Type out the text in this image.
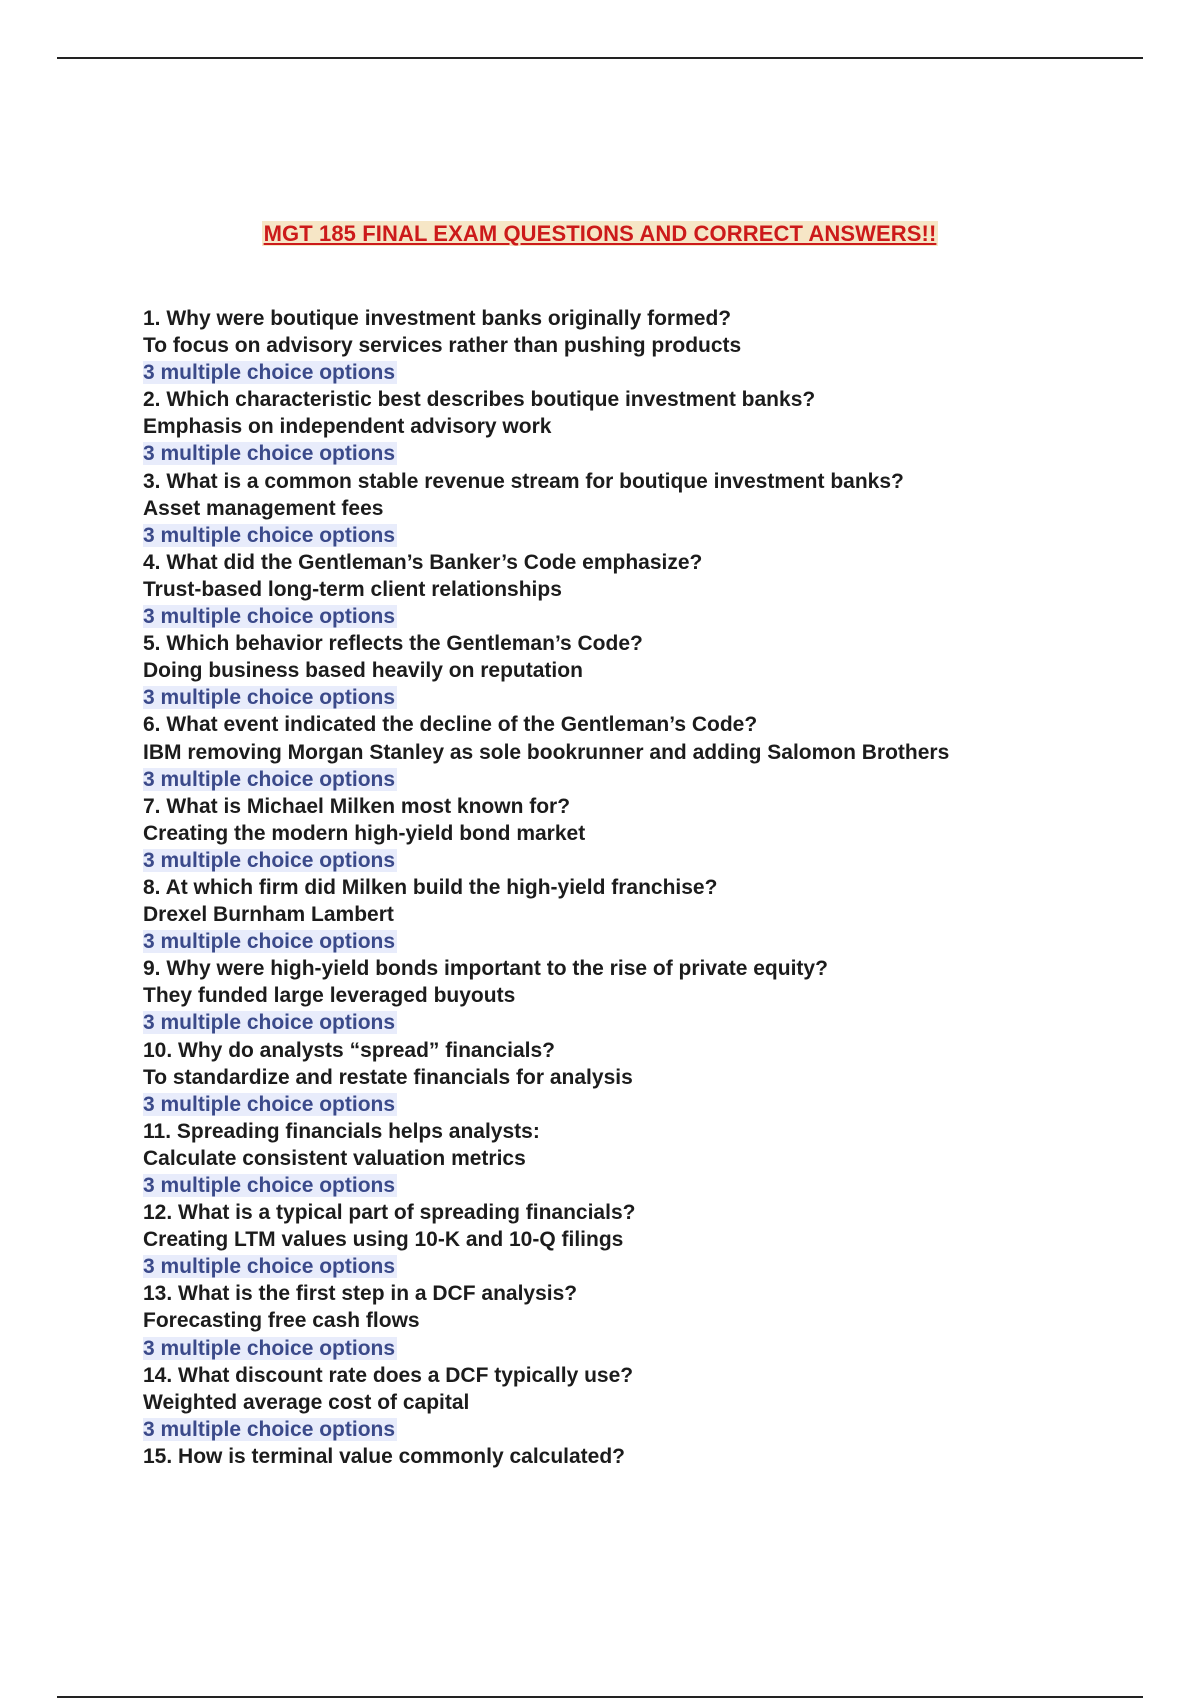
MGT 185 FINAL EXAM QUESTIONS AND CORRECT ANSWERS!!
1. Why were boutique investment banks originally formed?
To focus on advisory services rather than pushing products
3 multiple choice options
2. Which characteristic best describes boutique investment banks?
Emphasis on independent advisory work
3 multiple choice options
3. What is a common stable revenue stream for boutique investment banks?
Asset management fees
3 multiple choice options
4. What did the Gentleman’s Banker’s Code emphasize?
Trust-based long-term client relationships
3 multiple choice options
5. Which behavior reflects the Gentleman’s Code?
Doing business based heavily on reputation
3 multiple choice options
6. What event indicated the decline of the Gentleman’s Code?
IBM removing Morgan Stanley as sole bookrunner and adding Salomon Brothers
3 multiple choice options
7. What is Michael Milken most known for?
Creating the modern high-yield bond market
3 multiple choice options
8. At which firm did Milken build the high-yield franchise?
Drexel Burnham Lambert
3 multiple choice options
9. Why were high-yield bonds important to the rise of private equity?
They funded large leveraged buyouts
3 multiple choice options
10. Why do analysts “spread” financials?
To standardize and restate financials for analysis
3 multiple choice options
11. Spreading financials helps analysts:
Calculate consistent valuation metrics
3 multiple choice options
12. What is a typical part of spreading financials?
Creating LTM values using 10-K and 10-Q filings
3 multiple choice options
13. What is the first step in a DCF analysis?
Forecasting free cash flows
3 multiple choice options
14. What discount rate does a DCF typically use?
Weighted average cost of capital
3 multiple choice options
15. How is terminal value commonly calculated?
